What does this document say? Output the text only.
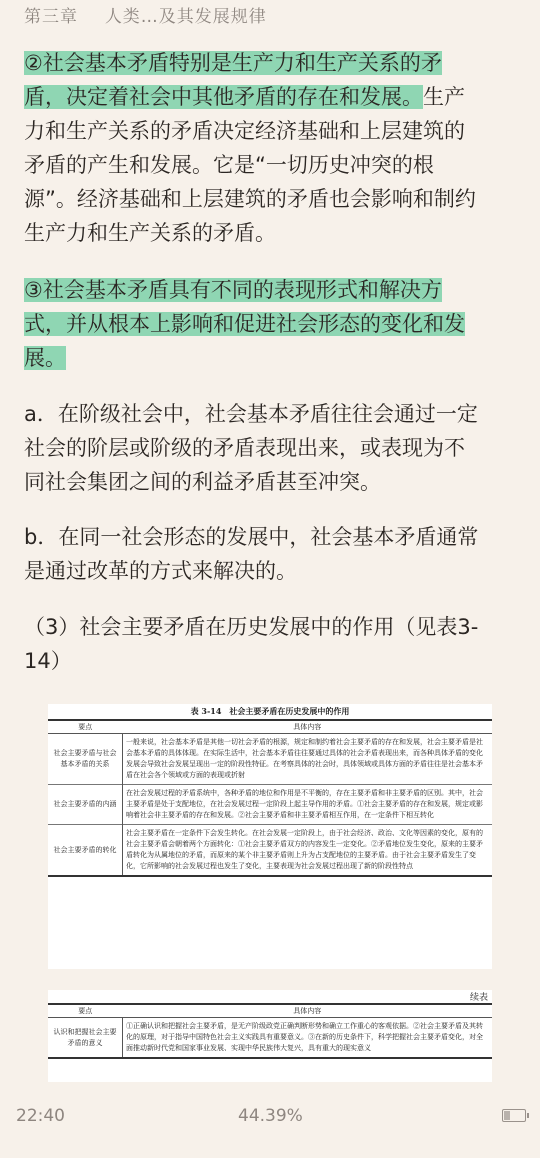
第三章 人类…及其发展规律
②社会基本矛盾特别是生产力和生产关系的矛
盾，决定着社会中其他矛盾的存在和发展。生产
力和生产关系的矛盾决定经济基础和上层建筑的
矛盾的产生和发展。它是“一切历史冲突的根
源”。经济基础和上层建筑的矛盾也会影响和制约
生产力和生产关系的矛盾。
③社会基本矛盾具有不同的表现形式和解决方
式，并从根本上影响和促进社会形态的变化和发
展。
a．在阶级社会中，社会基本矛盾往往会通过一定
社会的阶层或阶级的矛盾表现出来，或表现为不
同社会集团之间的利益矛盾甚至冲突。
b．在同一社会形态的发展中，社会基本矛盾通常
是通过改革的方式来解决的。
（3）社会主要矛盾在历史发展中的作用（见表3-
14）
表 3-14　社会主要矛盾在历史发展中的作用
要点	具体内容
社会主要矛盾与社会基本矛盾的关系	一般来说，社会基本矛盾是其他一切社会矛盾的根源，规定和制约着社会主要矛盾的存在和发展，社会主要矛盾是社会基本矛盾的具体体现。在实际生活中，社会基本矛盾往往要通过具体的社会矛盾表现出来，而各种具体矛盾的变化发展会导致社会发展呈现出一定的阶段性特征。在考察具体的社会时，具体领域或具体方面的矛盾往往是社会基本矛盾在社会各个领域或方面的表现或折射
社会主要矛盾的内涵	在社会发展过程的矛盾系统中，各种矛盾的地位和作用是不平衡的，存在主要矛盾和非主要矛盾的区别。其中，社会主要矛盾是处于支配地位，在社会发展过程一定阶段上起主导作用的矛盾。①社会主要矛盾的存在和发展，规定或影响着社会非主要矛盾的存在和发展。②社会主要矛盾和非主要矛盾相互作用，在一定条件下相互转化
社会主要矛盾的转化	社会主要矛盾在一定条件下会发生转化。在社会发展一定阶段上，由于社会经济、政治、文化等因素的变化，原有的社会主要矛盾会朝着两个方面转化：①社会主要矛盾双方的内容发生一定变化。②矛盾地位发生变化，原来的主要矛盾转化为从属地位的矛盾，而原来的某个非主要矛盾则上升为占支配地位的主要矛盾。由于社会主要矛盾发生了变化，它所影响的社会发展过程也发生了变化，主要表现为社会发展过程出现了新的阶段性特点
续表
要点	具体内容
认识和把握社会主要矛盾的意义	①正确认识和把握社会主要矛盾，是无产阶级政党正确判断形势和确立工作重心的客观依据。②社会主要矛盾及其转化的原理，对于指导中国特色社会主义实践具有重要意义。③在新的历史条件下，科学把握社会主要矛盾变化，对全面推动新时代党和国家事业发展、实现中华民族伟大复兴，具有重大的现实意义
22:40	44.39%
